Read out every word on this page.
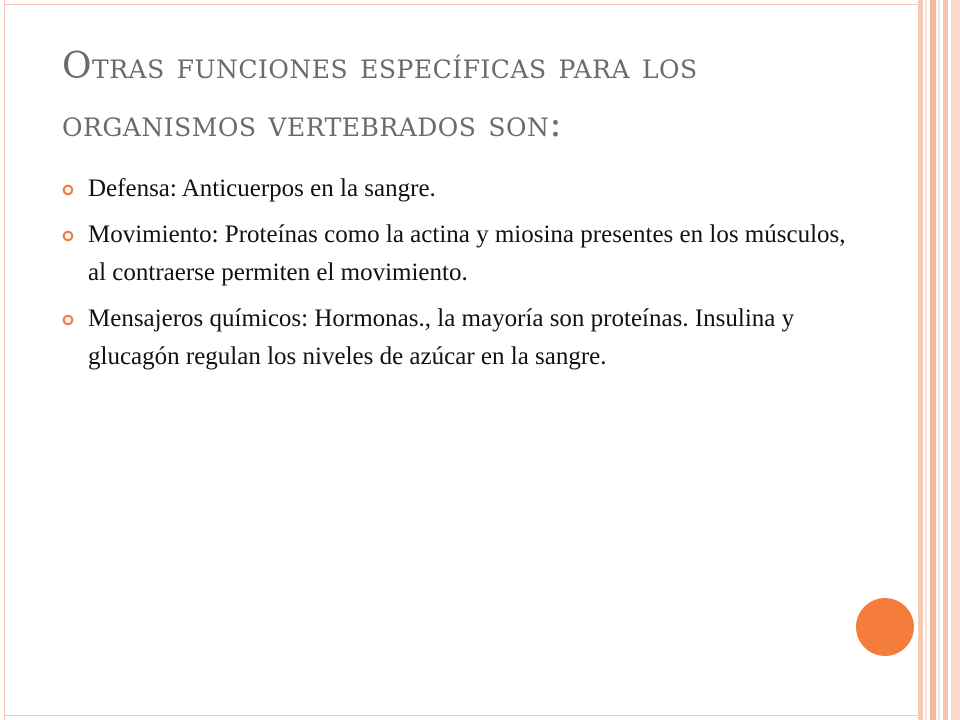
Otras funciones específicas para los organismos vertebrados son:
Defensa: Anticuerpos en la sangre.
Movimiento: Proteínas como la actina y miosina presentes en los músculos, al contraerse permiten el movimiento.
Mensajeros químicos: Hormonas., la mayoría son proteínas. Insulina y glucagón regulan los niveles de azúcar en la sangre.
